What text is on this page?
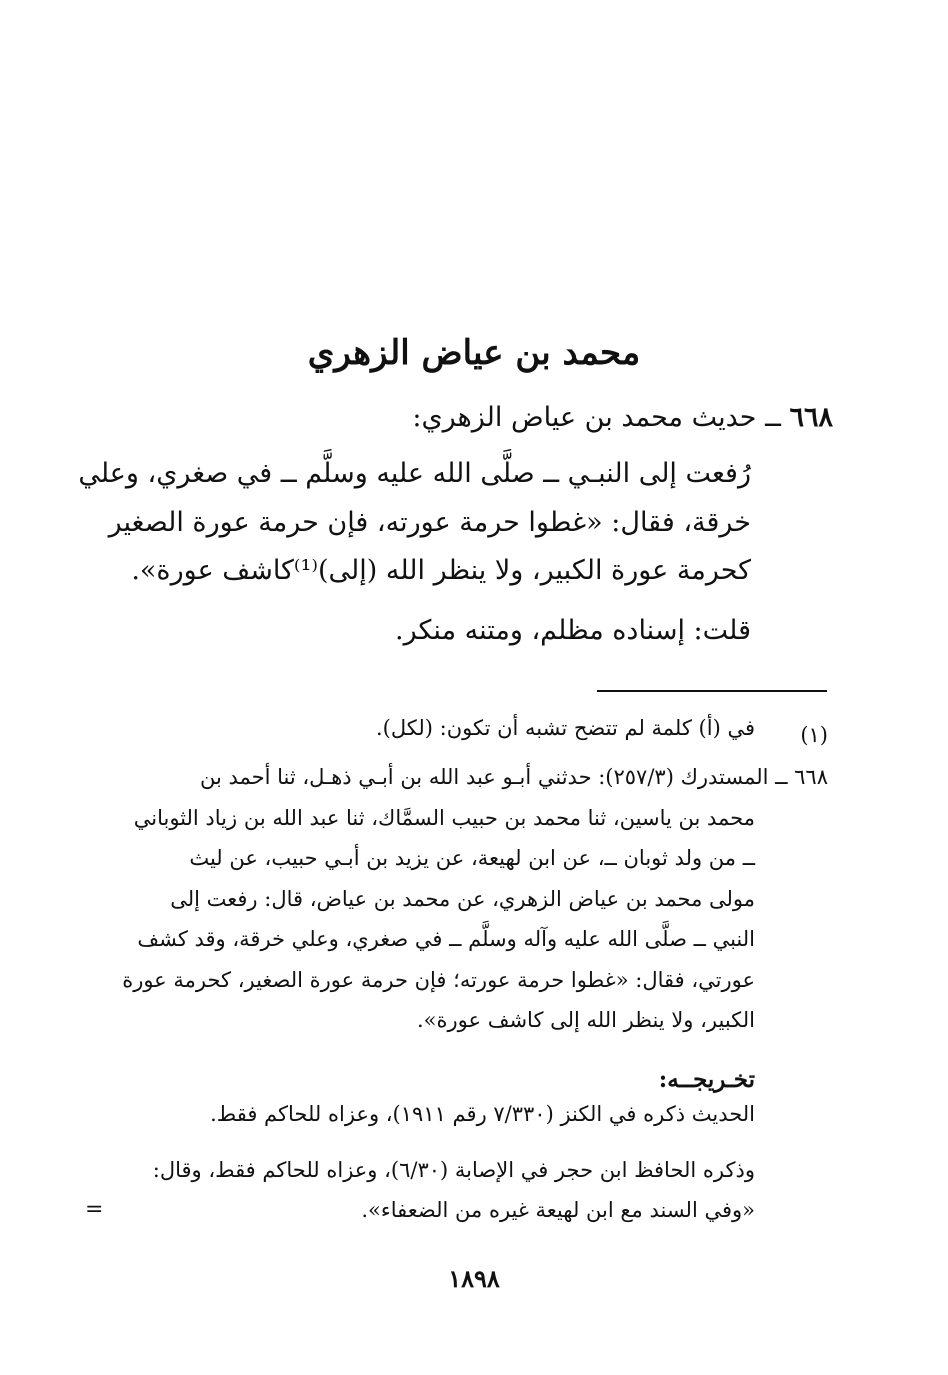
محمد بن عياض الزهري
٦٦٨ ــ حديث محمد بن عياض الزهري:
رُفعت إلى النبـي ــ صلَّى الله عليه وسلَّم ــ في صغري، وعلي
خرقة، فقال: «غطوا حرمة عورته، فإن حرمة عورة الصغير
كحرمة عورة الكبير، ولا ينظر الله (إلى)⁽¹⁾كاشف عورة».
قلت: إسناده مظلم، ومتنه منكر.
(١)
في (أ) كلمة لم تتضح تشبه أن تكون: (لكل).
٦٦٨ ــ المستدرك (٢٥٧/٣): حدثني أبـو عبد الله بن أبـي ذهـل، ثنا أحمد بن
محمد بن ياسين، ثنا محمد بن حبيب السمَّاك، ثنا عبد الله بن زياد الثوباني
ــ من ولد ثوبان ــ، عن ابن لهيعة، عن يزيد بن أبـي حبيب، عن ليث
مولى محمد بن عياض الزهري، عن محمد بن عياض، قال: رفعت إلى
النبي ــ صلَّى الله عليه وآله وسلَّم ــ في صغري، وعلي خرقة، وقد كشف
عورتي، فقال: «غطوا حرمة عورته؛ فإن حرمة عورة الصغير، كحرمة عورة
الكبير، ولا ينظر الله إلى كاشف عورة».
تخـريجــه:
الحديث ذكره في الكنز (٧/٣٣٠ رقم ١٩١١)، وعزاه للحاكم فقط.
وذكره الحافظ ابن حجر في الإصابة (٦/٣٠)، وعزاه للحاكم فقط، وقال:
«وفي السند مع ابن لهيعة غيره من الضعفاء».
=
١٨٩٨
